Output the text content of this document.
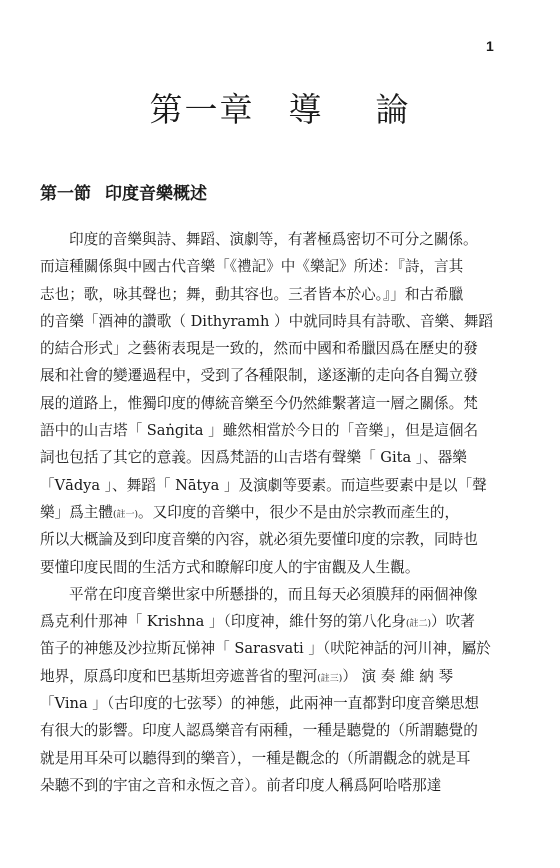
1
第一章 導 論
第一節 印度音樂概述
印度的音樂與詩、舞蹈、演劇等，有著極爲密切不可分之關係。
而這種關係與中國古代音樂「《禮記》中《樂記》所述：『詩，言其
志也；歌，咏其聲也；舞，動其容也。三者皆本於心。』」和古希臘
的音樂「酒神的讚歌（ Dithyramh ）中就同時具有詩歌、音樂、舞蹈
的結合形式」之藝術表現是一致的，然而中國和希臘因爲在歷史的發
展和社會的變遷過程中，受到了各種限制，遂逐漸的走向各自獨立發
展的道路上，惟獨印度的傳統音樂至今仍然維繫著這一層之關係。梵
語中的山吉塔「 Saṅgita 」雖然相當於今日的「音樂」，但是這個名
詞也包括了其它的意義。因爲梵語的山吉塔有聲樂「 Gita 」、器樂
「Vādya 」、舞蹈「 Nātya 」及演劇等要素。而這些要素中是以「聲
樂」爲主體(註一)。又印度的音樂中，很少不是由於宗教而產生的，
所以大概論及到印度音樂的內容，就必須先要懂印度的宗教，同時也
要懂印度民間的生活方式和瞭解印度人的宇宙觀及人生觀。
平常在印度音樂世家中所懸掛的，而且每天必須膜拜的兩個神像
爲克利什那神「 Krishna 」（印度神，維什努的第八化身(註二)）吹著
笛子的神態及沙拉斯瓦悌神「 Sarasvati 」（吠陀神話的河川神，屬於
地界，原爲印度和巴基斯坦旁遮普省的聖河(註三)） 演 奏 維 納 琴
「Vina 」（古印度的七弦琴）的神態，此兩神一直都對印度音樂思想
有很大的影響。印度人認爲樂音有兩種，一種是聽覺的（所謂聽覺的
就是用耳朵可以聽得到的樂音），一種是觀念的（所謂觀念的就是耳
朵聽不到的宇宙之音和永恆之音）。前者印度人稱爲阿哈嗒那達
